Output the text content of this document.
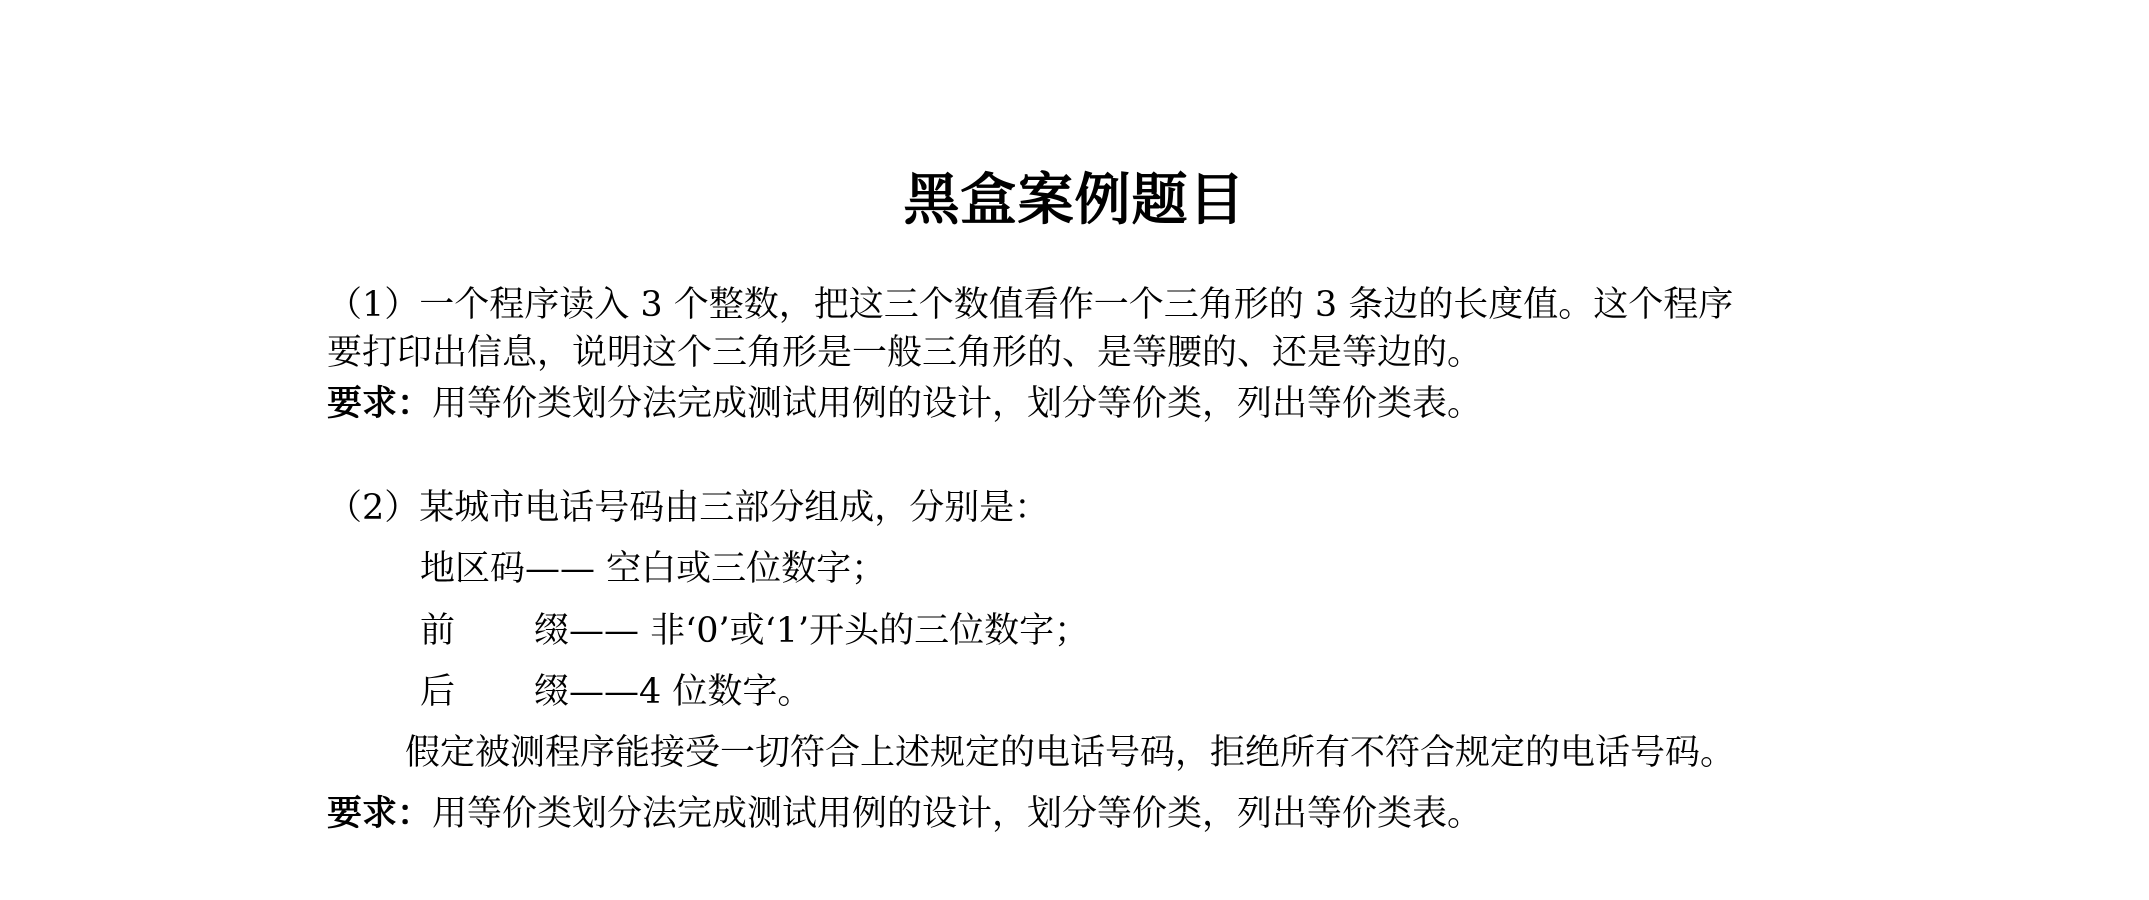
黑盒案例题目
（1）一个程序读入 3 个整数，把这三个数值看作一个三角形的 3 条边的长度值。这个程序
要打印出信息，说明这个三角形是一般三角形的、是等腰的、还是等边的。
要求：用等价类划分法完成测试用例的设计，划分等价类，列出等价类表。
（2）某城市电话号码由三部分组成，分别是：
地区码—— 空白或三位数字；
前 缀—— 非‘0’或‘1’开头的三位数字；
后 缀——4 位数字。
假定被测程序能接受一切符合上述规定的电话号码，拒绝所有不符合规定的电话号码。
要求：用等价类划分法完成测试用例的设计，划分等价类，列出等价类表。
